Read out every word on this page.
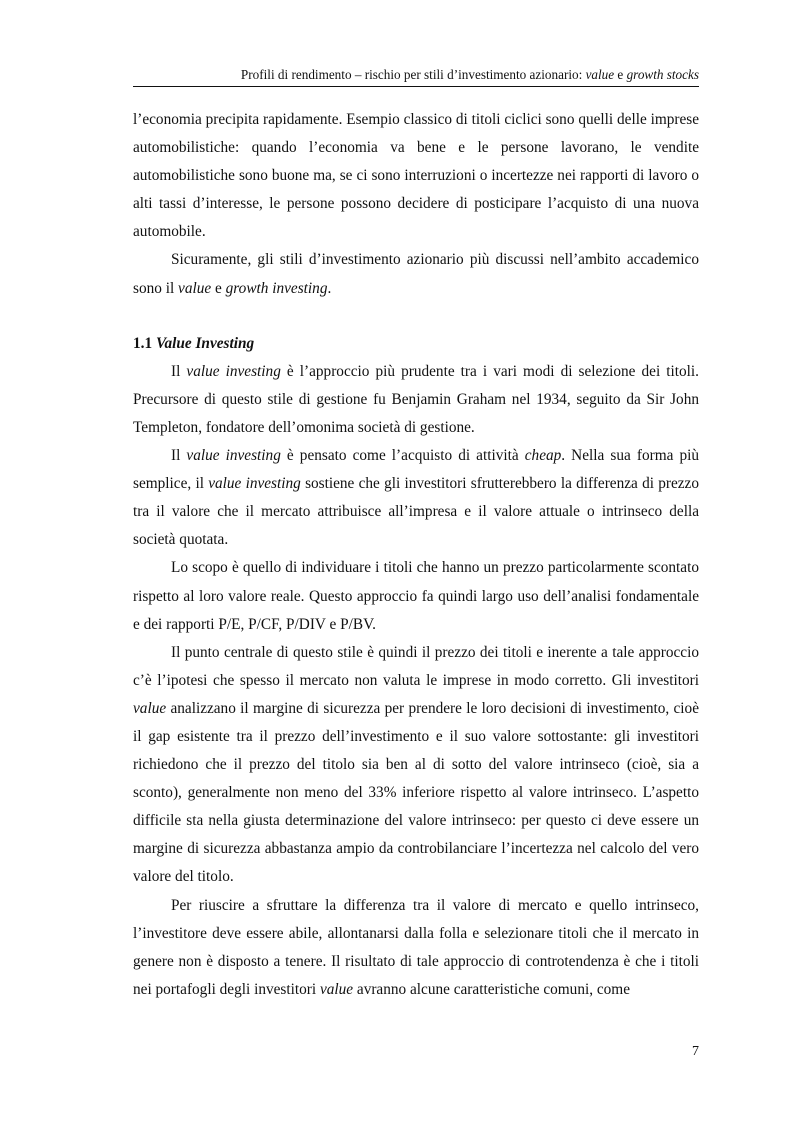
Profili di rendimento – rischio per stili d’investimento azionario: value e growth stocks

l’economia precipita rapidamente. Esempio classico di titoli ciclici sono quelli delle imprese automobilistiche: quando l’economia va bene e le persone lavorano, le vendite automobilistiche sono buone ma, se ci sono interruzioni o incertezze nei rapporti di lavoro o alti tassi d’interesse, le persone possono decidere di posticipare l’acquisto di una nuova automobile.

Sicuramente, gli stili d’investimento azionario più discussi nell’ambito accademico sono il value e growth investing.

1.1 Value Investing

Il value investing è l’approccio più prudente tra i vari modi di selezione dei titoli. Precursore di questo stile di gestione fu Benjamin Graham nel 1934, seguito da Sir John Templeton, fondatore dell’omonima società di gestione.

Il value investing è pensato come l’acquisto di attività cheap. Nella sua forma più semplice, il value investing sostiene che gli investitori sfrutterebbero la differenza di prezzo tra il valore che il mercato attribuisce all’impresa e il valore attuale o intrinseco della società quotata.

Lo scopo è quello di individuare i titoli che hanno un prezzo particolarmente scontato rispetto al loro valore reale. Questo approccio fa quindi largo uso dell’analisi fondamentale e dei rapporti P/E, P/CF, P/DIV e P/BV.

Il punto centrale di questo stile è quindi il prezzo dei titoli e inerente a tale approccio c’è l’ipotesi che spesso il mercato non valuta le imprese in modo corretto. Gli investitori value analizzano il margine di sicurezza per prendere le loro decisioni di investimento, cioè il gap esistente tra il prezzo dell’investimento e il suo valore sottostante: gli investitori richiedono che il prezzo del titolo sia ben al di sotto del valore intrinseco (cioè, sia a sconto), generalmente non meno del 33% inferiore rispetto al valore intrinseco. L’aspetto difficile sta nella giusta determinazione del valore intrinseco: per questo ci deve essere un margine di sicurezza abbastanza ampio da controbilanciare l’incertezza nel calcolo del vero valore del titolo.

Per riuscire a sfruttare la differenza tra il valore di mercato e quello intrinseco, l’investitore deve essere abile, allontanarsi dalla folla e selezionare titoli che il mercato in genere non è disposto a tenere. Il risultato di tale approccio di controtendenza è che i titoli nei portafogli degli investitori value avranno alcune caratteristiche comuni, come

7
